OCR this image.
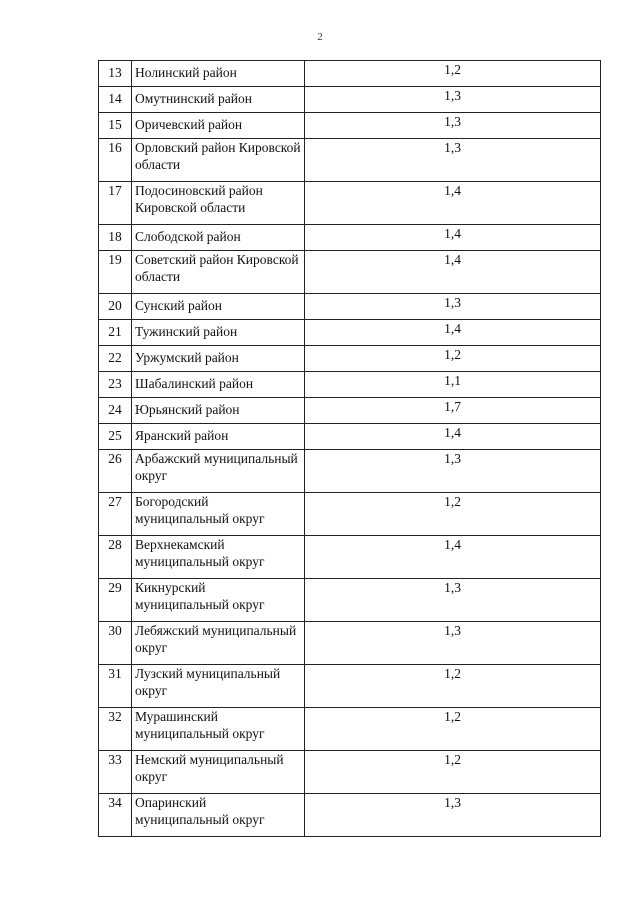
2
13	Нолинский район	1,2
14	Омутнинский район	1,3
15	Оричевский район	1,3
16	Орловский район Кировской области	1,3
17	Подосиновский район Кировской области	1,4
18	Слободской район	1,4
19	Советский район Кировской области	1,4
20	Сунский район	1,3
21	Тужинский район	1,4
22	Уржумский район	1,2
23	Шабалинский район	1,1
24	Юрьянский район	1,7
25	Яранский район	1,4
26	Арбажский муниципальный округ	1,3
27	Богородский муниципальный округ	1,2
28	Верхнекамский муниципальный округ	1,4
29	Кикнурский муниципальный округ	1,3
30	Лебяжский муниципальный округ	1,3
31	Лузский муниципальный округ	1,2
32	Мурашинский муниципальный округ	1,2
33	Немский муниципальный округ	1,2
34	Опаринский муниципальный округ	1,3
